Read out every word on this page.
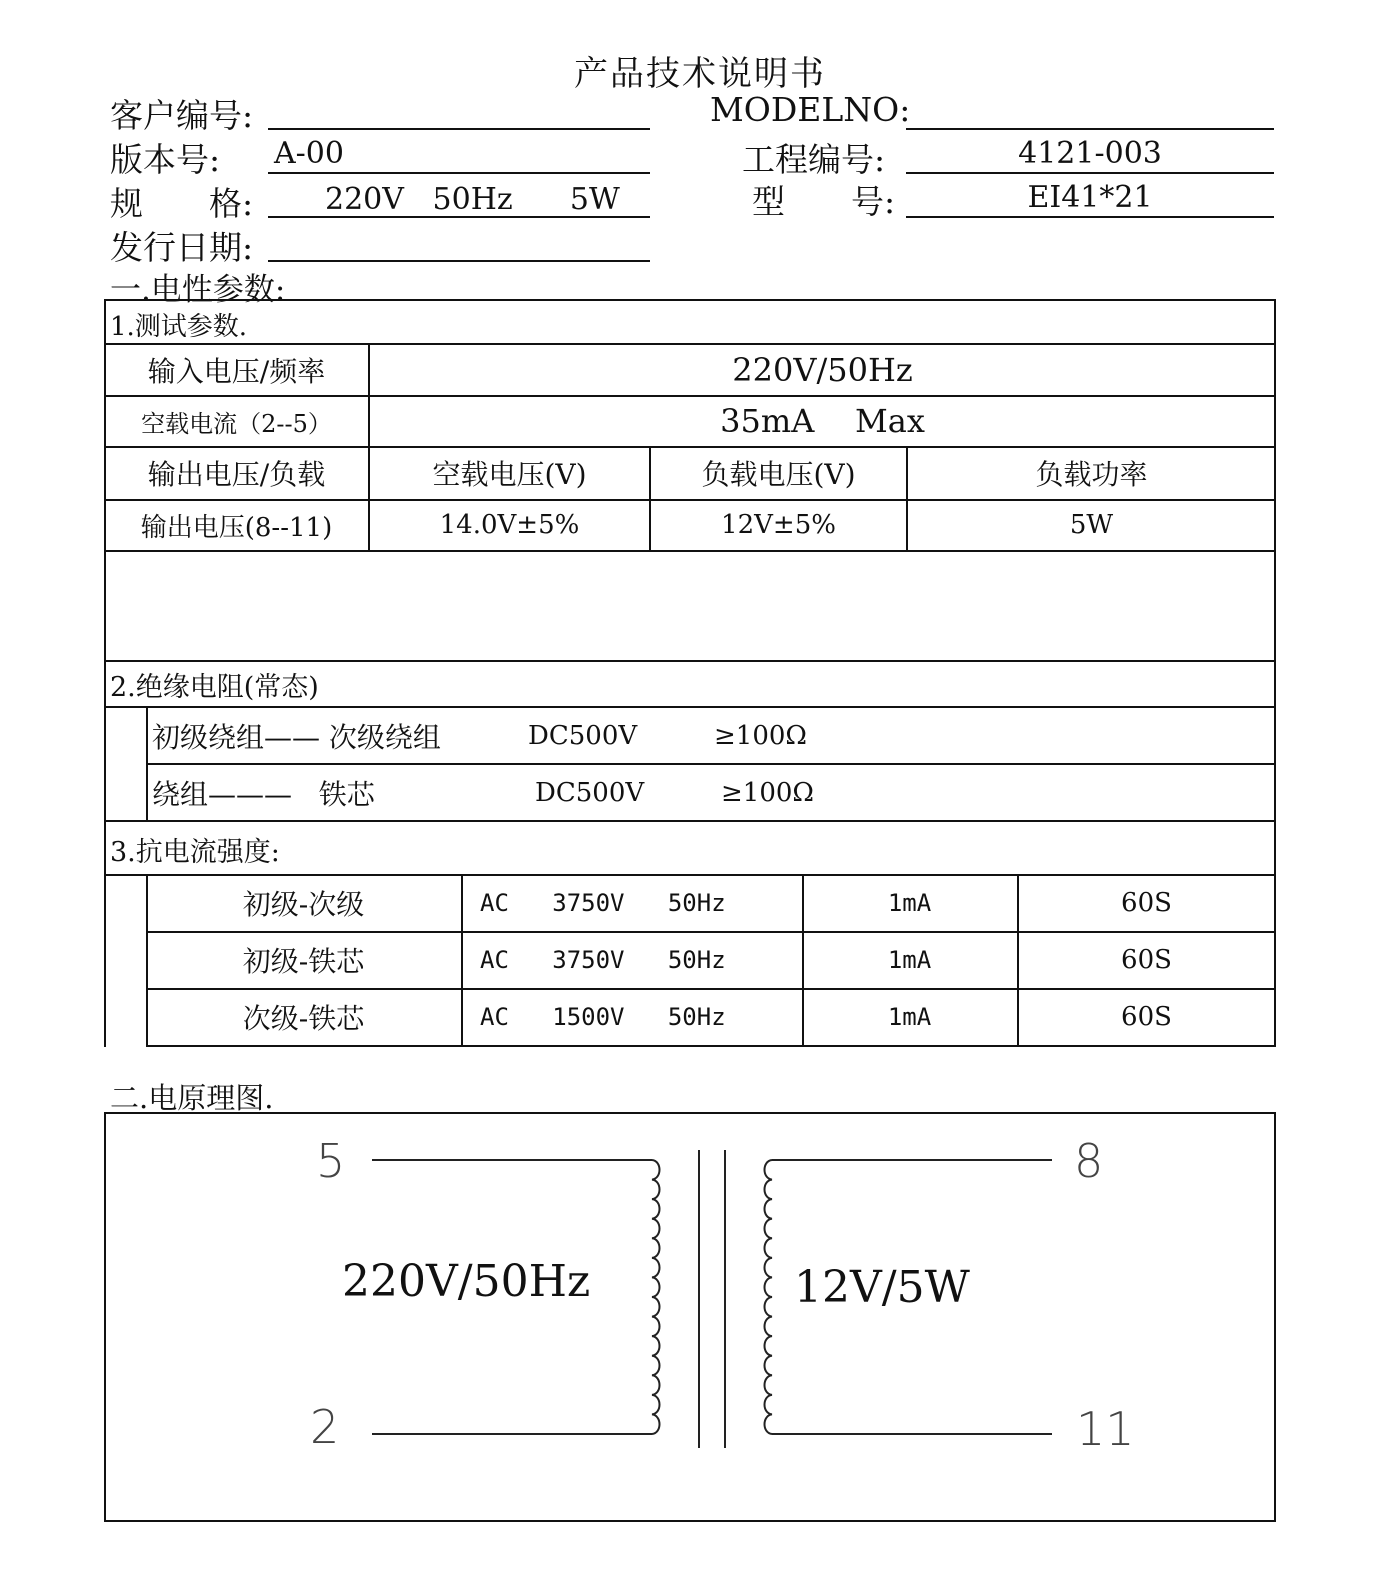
产品技术说明书
客户编号:
版本号: A-00
规　　格: 220V   50Hz      5W
发行日期:
MODELNO:
工程编号:	4121-003
型　　号:	EI41*21
一.电性参数:
1.测试参数.
输入电压/频率	220V/50Hz
空载电流（2--5）	35mA    Max
输出电压/负载	空载电压(V)	负载电压(V)	负载功率
输出电压(8--11)	14.0V±5%	12V±5%	5W
2.绝缘电阻(常态)
初级绕组—— 次级绕组	DC500V	≥100Ω
绕组———   铁芯	DC500V	≥100Ω
3.抗电流强度:
初级-次级	AC   3750V   50Hz	1mA	60S
初级-铁芯	AC   3750V   50Hz	1mA	60S
次级-铁芯	AC   1500V   50Hz	1mA	60S
二.电原理图.
5
2
8
11
220V/50Hz	12V/5W
